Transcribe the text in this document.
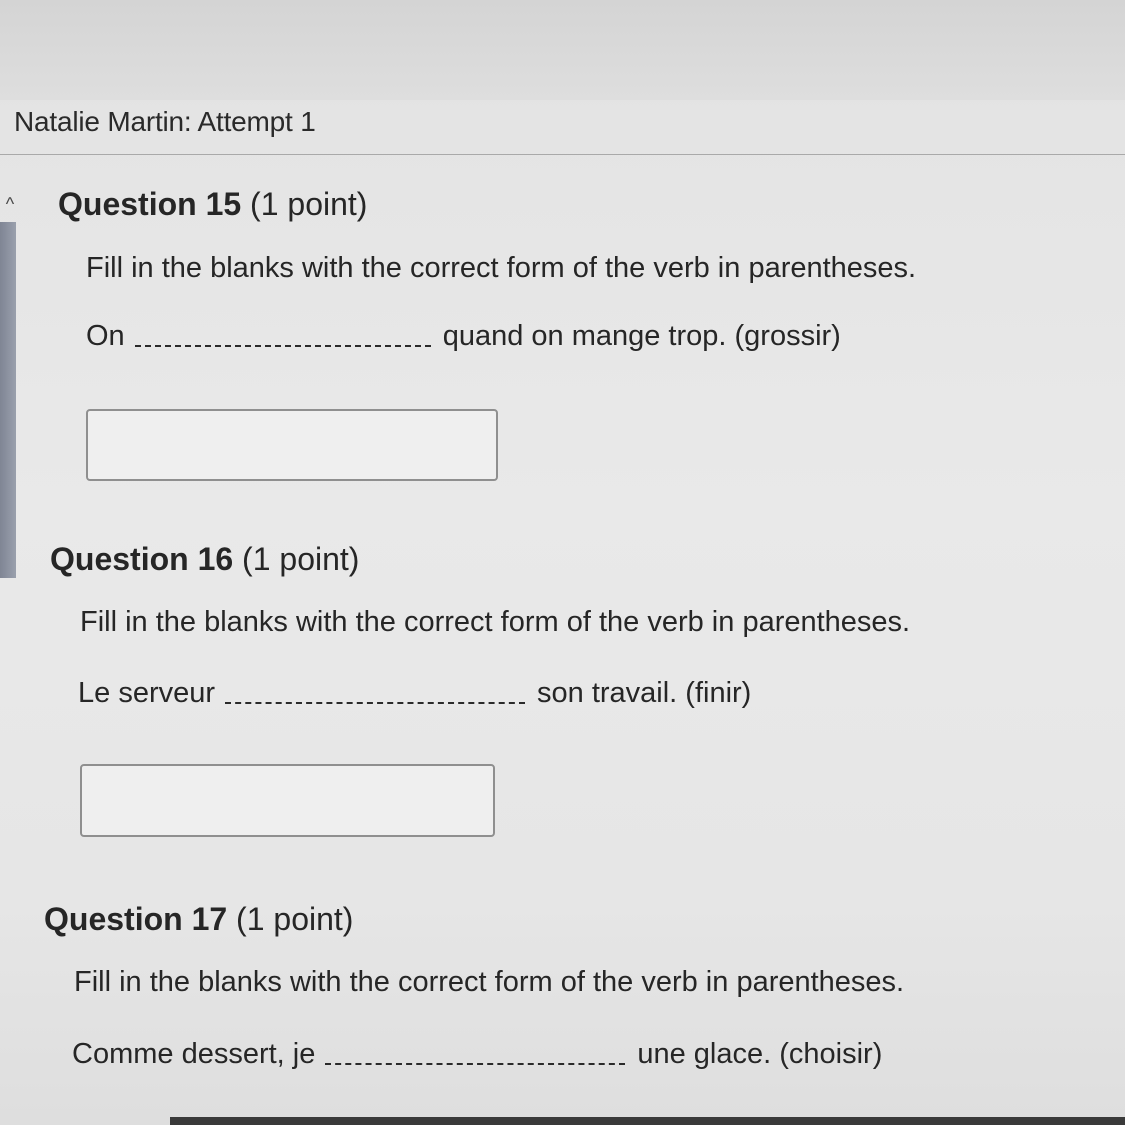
Natalie Martin: Attempt 1
^ Question 15 (1 point)
Fill in the blanks with the correct form of the verb in parentheses.
On	quand on mange trop. (grossir)
Question 16 (1 point)
Fill in the blanks with the correct form of the verb in parentheses.
Le serveur	son travail. (finir)
Question 17 (1 point)
Fill in the blanks with the correct form of the verb in parentheses.
Comme dessert, je	une glace. (choisir)
